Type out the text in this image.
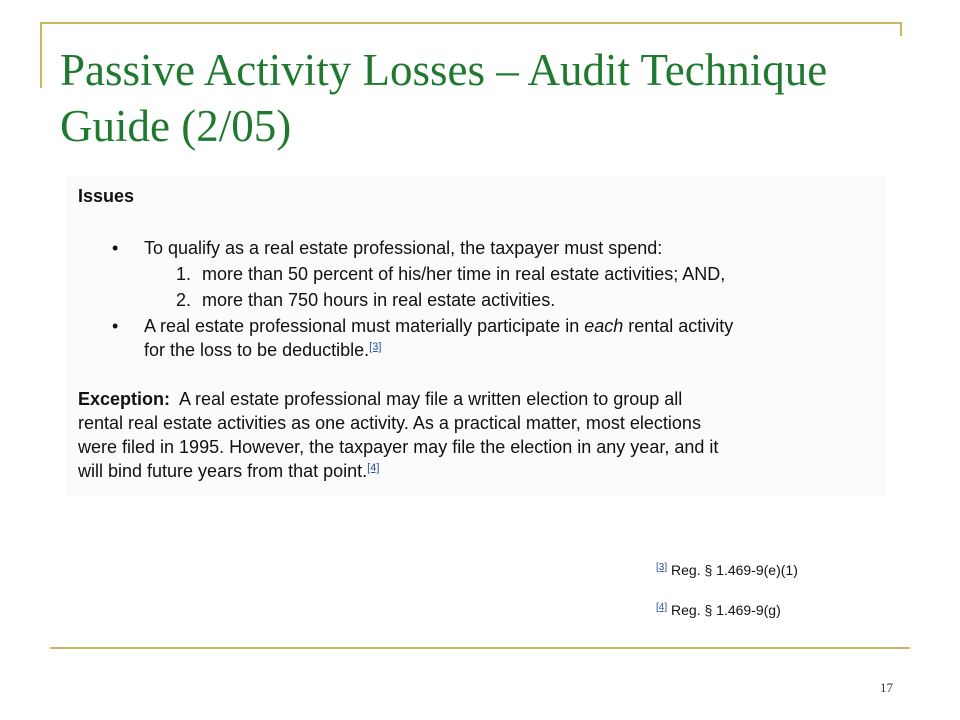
Passive Activity Losses – Audit Technique
Guide (2/05)
Issues
• To qualify as a real estate professional, the taxpayer must spend:
1. more than 50 percent of his/her time in real estate activities; AND,
2. more than 750 hours in real estate activities.
• A real estate professional must materially participate in each rental activity
for the loss to be deductible.[3]
Exception:  A real estate professional may file a written election to group all
rental real estate activities as one activity. As a practical matter, most elections
were filed in 1995. However, the taxpayer may file the election in any year, and it
will bind future years from that point.[4]
[3] Reg. § 1.469-9(e)(1)
[4] Reg. § 1.469-9(g)
17
